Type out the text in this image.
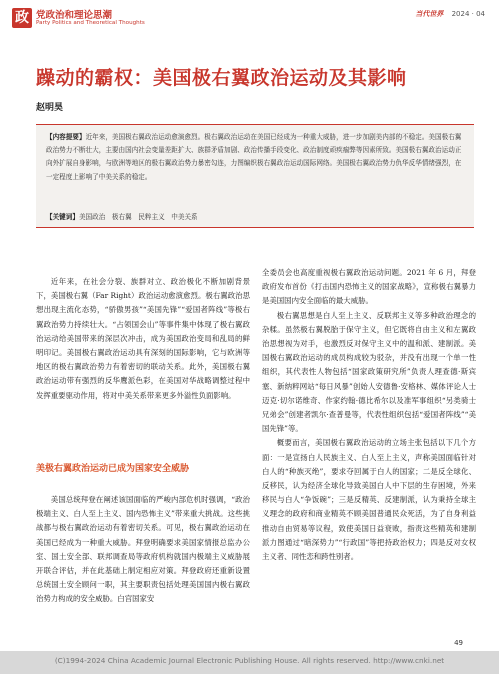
政 党政治和理论思潮
Party Politics and Theoretical Thoughts
当代世界 2024 · 04
躁动的霸权：美国极右翼政治运动及其影响
赵明昊
【内容提要】近年来，美国极右翼政治运动愈演愈烈。极右翼政治运动在美国已经成为一种重大威胁，进一步加剧美内部的不稳定。美国极右翼政治势力不断壮大，主要由国内社会变量差距扩大、族群矛盾加剧、政治传播手段变化、政治制度顽疾痼弊等因素所致。美国极右翼政治运动正向外扩展自身影响，与欧洲等地区的极右翼政治势力暴密勾连，力图编织极右翼政治运动国际网络。美国极右翼政治势力仇华反华情绪强烈，在一定程度上影响了中美关系的稳定。
【关键词】美国政治　极右翼　民粹主义　中美关系

近年来，在社会分裂、族群对立、政治极化不断加剧背景下，美国极右翼（Far Right）政治运动愈演愈烈。极右翼政治思想出现主流化态势，“骄傲男孩”“美国先锋”“爱国者阵线”等极右翼政治势力持续壮大。“占领国会山”等事件集中体现了极右翼政治运动给美国带来的深层次冲击，成为美国政治变局和乱局的鲜明印记。美国极右翼政治运动具有深刻的国际影响，它与欧洲等地区的极右翼政治势力有着密切的联动关系。此外，美国极右翼政治运动带有强烈的反华鹰派色彩，在美国对华战略调整过程中发挥重要驱动作用，将对中美关系带来更多外溢性负面影响。

美极右翼政治运动已成为国家安全威胁

美国总统拜登在阐述该国面临的严峻内部危机时强调，“政治极端主义、白人至上主义、国内恐怖主义”带来重大挑战。这些挑战都与极右翼政治运动有着密切关系。可见，极右翼政治运动在美国已经成为一种重大威胁。拜登明确要求美国家情报总监办公室、国土安全部、联邦调查局等政府机构就国内极端主义威胁展开联合评估，并在此基础上制定相应对策。拜登政府还重新设置总统国土安全顾问一职，其主要职责包括处理美国国内极右翼政治势力构成的安全威胁。白宫国家安

全委员会也高度重视极右翼政治运动问题。2021 年 6 月，拜登政府发布首份《打击国内恐怖主义的国家战略》，宣称极右翼暴力是美国国内安全面临的最大威胁。

极右翼思想是白人至上主义、反联邦主义等多种政治理念的杂糅。虽然极右翼脱胎于保守主义，但它既将自由主义和左翼政治思想视为对手，也激烈反对保守主义中的温和派、建制派。美国极右翼政治运动的成员构成较为驳杂，并没有出现一个单一性组织，其代表性人物包括“国家政策研究所”负责人理查德·斯宾塞、新纳粹网站“每日风暴”创始人安德鲁·安格林、媒体评论人士迈克·切尔诺维奇、作家约翰·德比希尔以及准军事组织“另类骑士兄弟会”创建者凯尔·查普曼等，代表性组织包括“爱国者阵线”“美国先锋”等。

概要而言，美国极右翼政治运动的立场主张包括以下几个方面：一是宣扬白人民族主义、白人至上主义，声称美国面临针对白人的“种族灭绝”，要求夺回属于白人的国家；二是反全球化、反移民，认为经济全球化导致美国白人中下层的生存困境，外来移民与白人“争饭碗”；三是反精英、反建制派，认为秉持全球主义理念的政府和商业精英不顾美国普通民众死活，为了自身利益推动自由贸易等议程，致使美国日益衰败，指责这些精英和建制派力图通过“暗深势力”“行政国”等把持政治权力；四是反对女权主义者、同性恋和跨性别者。

49
(C)1994-2024 China Academic Journal Electronic Publishing House. All rights reserved. http://www.cnki.net
